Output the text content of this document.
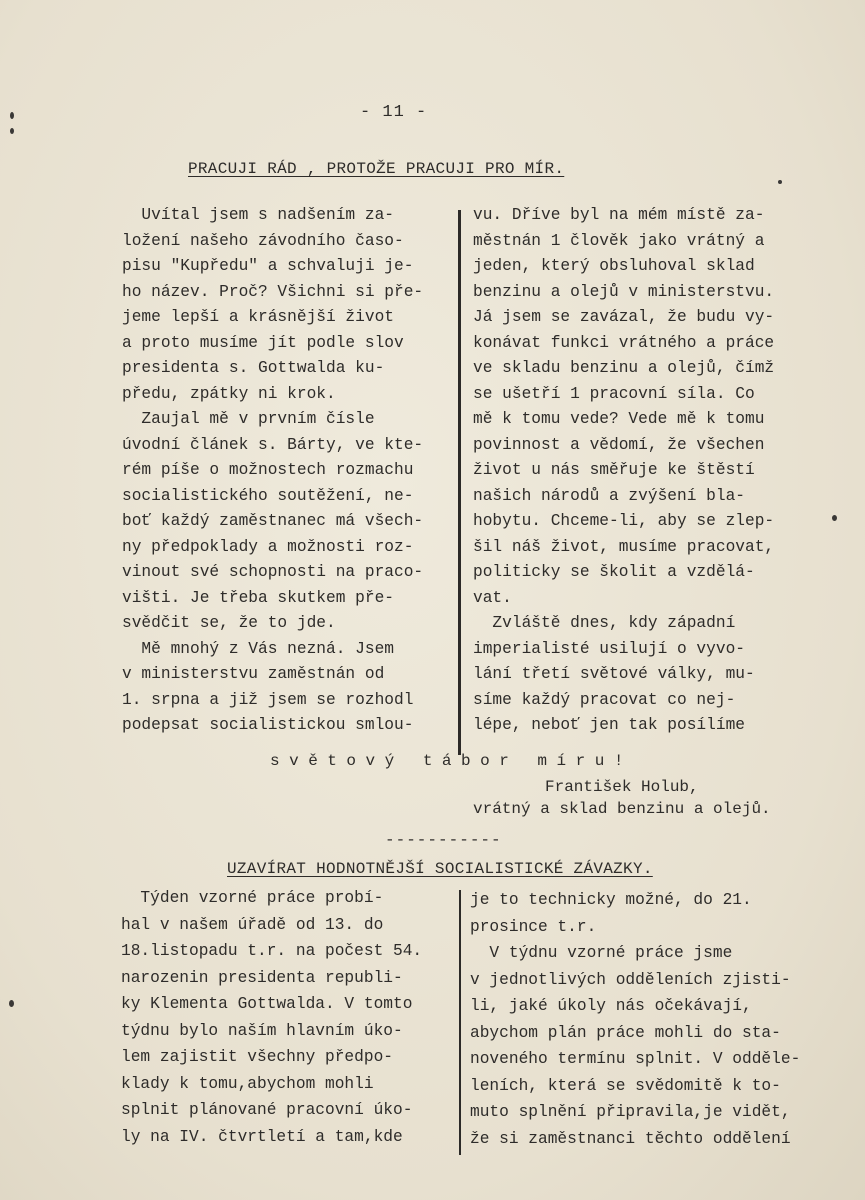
- 11 -
PRACUJI RÁD , PROTOŽE PRACUJI PRO MÍR.
Uvítal jsem s nadšením za-
ložení našeho závodního časo-
pisu "Kupředu" a schvaluji je-
ho název. Proč? Všichni si pře-
jeme lepší a krásnější život
a proto musíme jít podle slov
presidenta s. Gottwalda ku-
předu, zpátky ni krok.
Zaujal mě v prvním čísle
úvodní článek s. Bárty, ve kte-
rém píše o možnostech rozmachu
socialistického soutěžení, ne-
boť každý zaměstnanec má všech-
ny předpoklady a možnosti roz-
vinout své schopnosti na praco-
višti. Je třeba skutkem pře-
svědčit se, že to jde.
Mě mnohý z Vás nezná. Jsem
v ministerstvu zaměstnán od
1. srpna a již jsem se rozhodl
podepsat socialistickou smlou-
vu. Dříve byl na mém místě za-
městnán 1 člověk jako vrátný a
jeden, který obsluhoval sklad
benzinu a olejů v ministerstvu.
Já jsem se zavázal, že budu vy-
konávat funkci vrátného a práce
ve skladu benzinu a olejů, čímž
se ušetří 1 pracovní síla. Co
mě k tomu vede? Vede mě k tomu
povinnost a vědomí, že všechen
život u nás směřuje ke štěstí
našich národů a zvýšení bla-
hobytu. Chceme-li, aby se zlep-
šil náš život, musíme pracovat,
politicky se školit a vzdělá-
vat.
Zvláště dnes, kdy západní
imperialisté usilují o vyvo-
lání třetí světové války, mu-
síme každý pracovat co nej-
lépe, neboť jen tak posílíme
světový tábor míru!
František Holub,
vrátný a sklad benzinu a olejů.
-----------
UZAVÍRAT HODNOTNĚJŠÍ SOCIALISTICKÉ ZÁVAZKY.
Týden vzorné práce probí-
hal v našem úřadě od 13. do
18.listopadu t.r. na počest 54.
narozenin presidenta republi-
ky Klementa Gottwalda. V tomto
týdnu bylo naším hlavním úko-
lem zajistit všechny předpo-
klady k tomu,abychom mohli
splnit plánované pracovní úko-
ly na IV. čtvrtletí a tam,kde
je to technicky možné, do 21.
prosince t.r.
V týdnu vzorné práce jsme
v jednotlivých odděleních zjisti-
li, jaké úkoly nás očekávají,
abychom plán práce mohli do sta-
noveného termínu splnit. V odděle-
leních, která se svědomitě k to-
muto splnění připravila,je vidět,
že si zaměstnanci těchto oddělení
